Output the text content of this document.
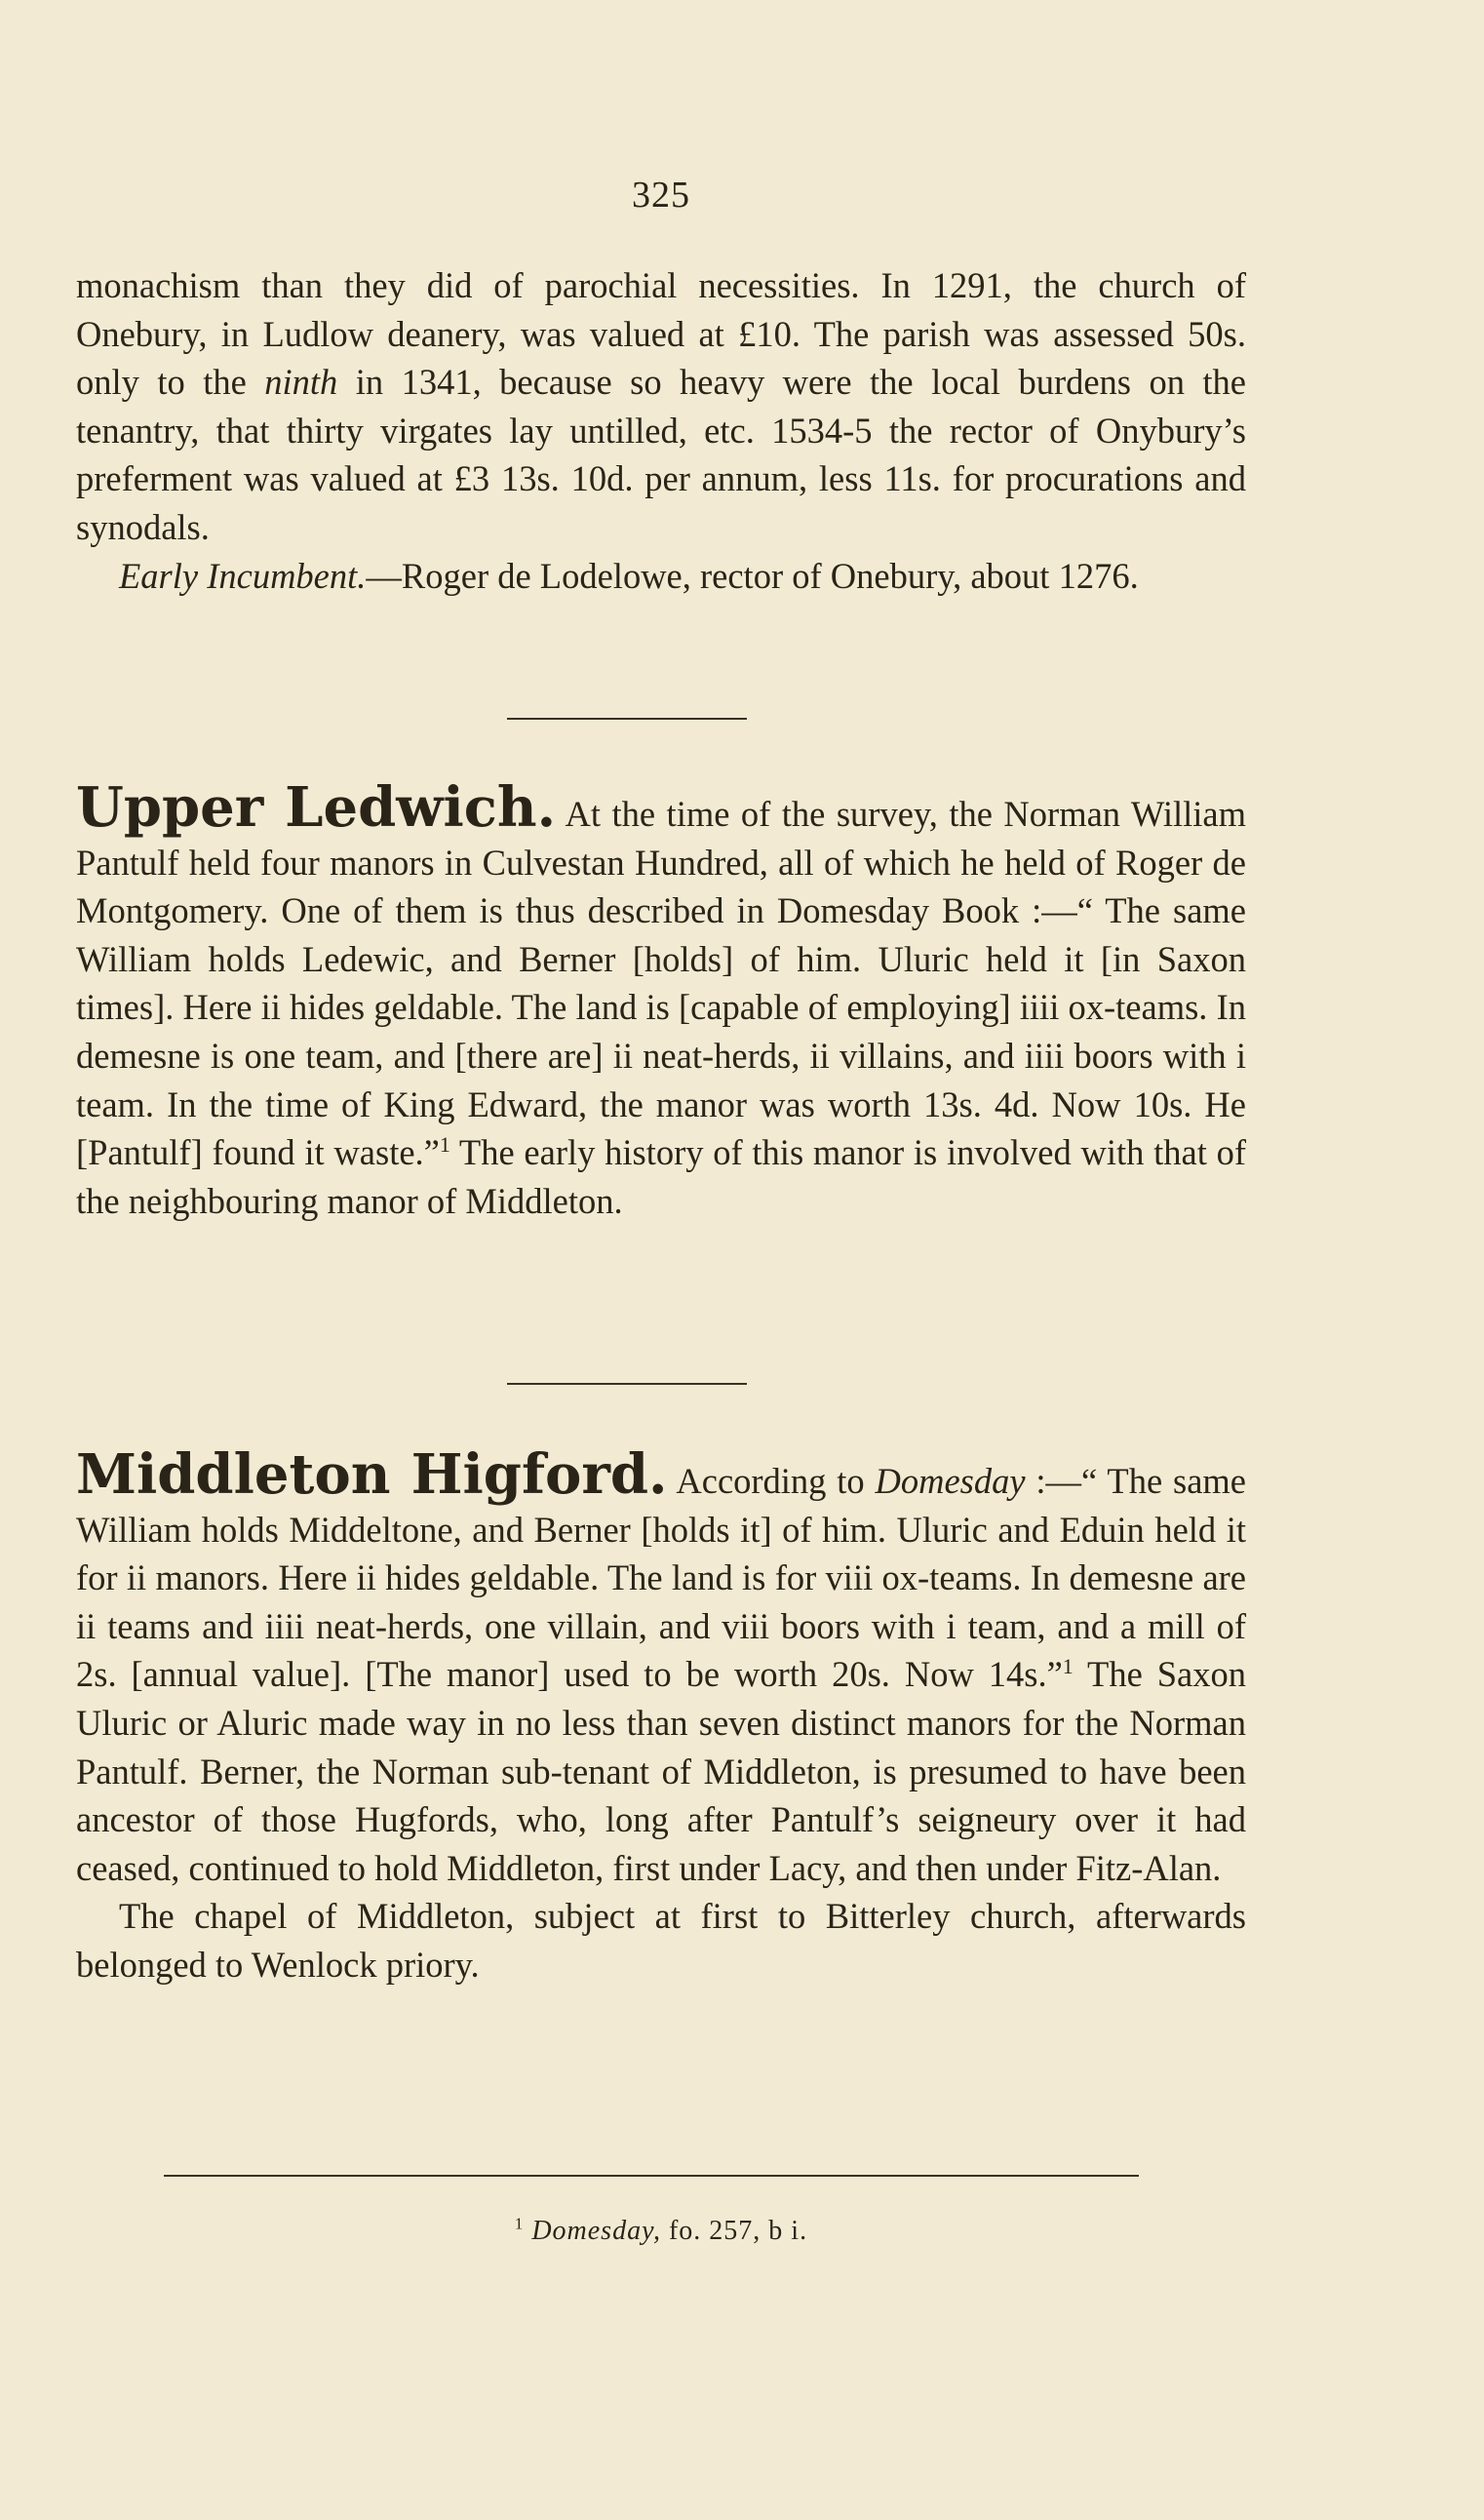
325

monachism than they did of parochial necessities. In 1291, the church of Onebury, in Ludlow deanery, was valued at £10. The parish was assessed 50s. only to the ninth in 1341, because so heavy were the local burdens on the tenantry, that thirty virgates lay untilled, etc. 1534-5 the rector of Onybury’s preferment was valued at £3 13s. 10d. per annum, less 11s. for procurations and synodals.

Early Incumbent.—Roger de Lodelowe, rector of Onebury, about 1276.

Upper Ledwich. At the time of the survey, the Norman William Pantulf held four manors in Culvestan Hundred, all of which he held of Roger de Montgomery. One of them is thus described in Domesday Book :—“ The same William holds Ledewic, and Berner [holds] of him. Uluric held it [in Saxon times]. Here ii hides geldable. The land is [capable of employing] iiii ox-teams. In demesne is one team, and [there are] ii neat-herds, ii villains, and iiii boors with i team. In the time of King Edward, the manor was worth 13s. 4d. Now 10s. He [Pantulf] found it waste.”$^1$ The early history of this manor is involved with that of the neighbouring manor of Middleton.

Middleton Higford. According to Domesday :—“ The same William holds Middeltone, and Berner [holds it] of him. Uluric and Eduin held it for ii manors. Here ii hides geldable. The land is for viii ox-teams. In demesne are ii teams and iiii neat-herds, one villain, and viii boors with i team, and a mill of 2s. [annual value]. [The manor] used to be worth 20s. Now 14s.”$^1$ The Saxon Uluric or Aluric made way in no less than seven distinct manors for the Norman Pantulf. Berner, the Norman sub-tenant of Middleton, is presumed to have been ancestor of those Hugfords, who, long after Pantulf’s seigneury over it had ceased, continued to hold Middleton, first under Lacy, and then under Fitz-Alan.

The chapel of Middleton, subject at first to Bitterley church, afterwards belonged to Wenlock priory.

$^1$ Domesday, fo. 257, b i.
